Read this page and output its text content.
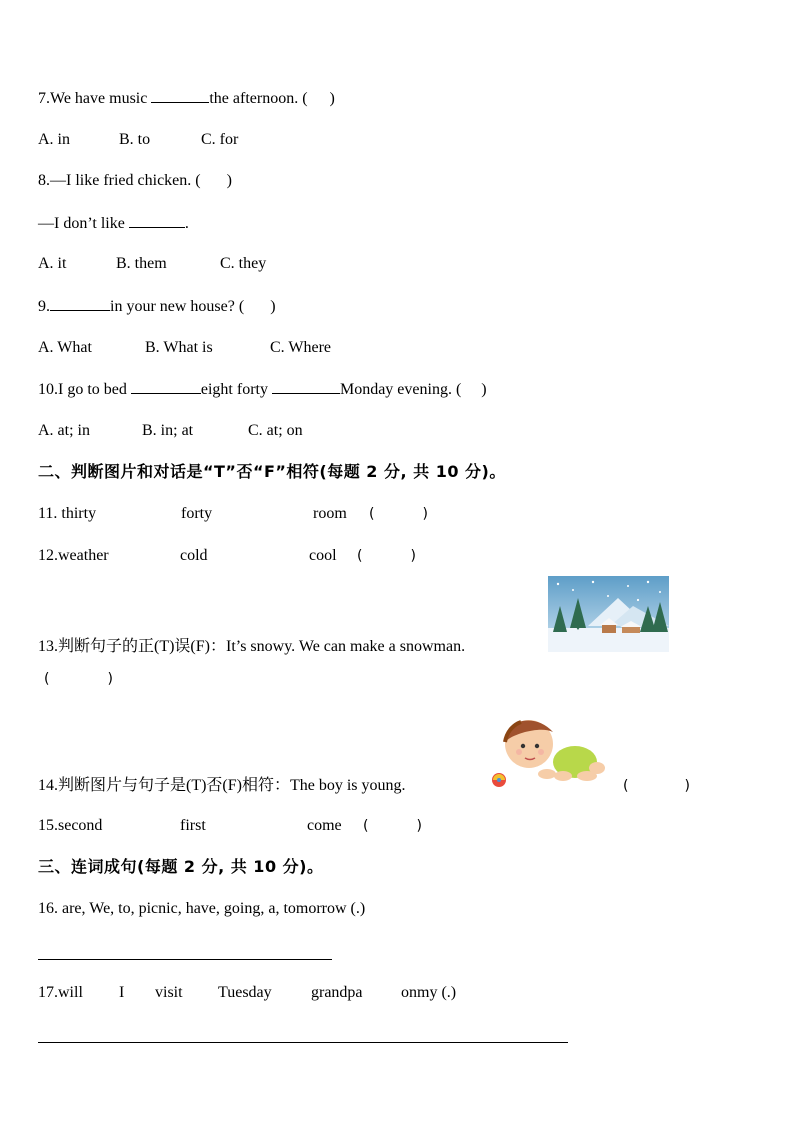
7.We have music	the afternoon. ( )
A. in	B. to	C. for
8.—I like fried chicken. ( )
—I don’t like	.
A. it	B. them	C. they
9.	in your new house? ( )
A. What	B. What is	C. Where
10.I go to bed	eight forty	Monday evening. ( )
A. at; in	B. in; at	C. at; on
二、判断图片和对话是“T”否“F”相符(每题 2 分, 共 10 分)。
11. thirty	forty	room (	)
12.weather	cold	cool (	)
13.判断句子的正(T)误(F)：It’s snowy. We can make a snowman.
(	)
14.判断图片与句子是(T)否(F)相符：The boy is young.	(	)
15.second	first	come (	)
三、连词成句(每题 2 分, 共 10 分)。
16. are, We, to, picnic, have, going, a, tomorrow (.)
17.will I visit Tuesday grandpa onmy (.)
